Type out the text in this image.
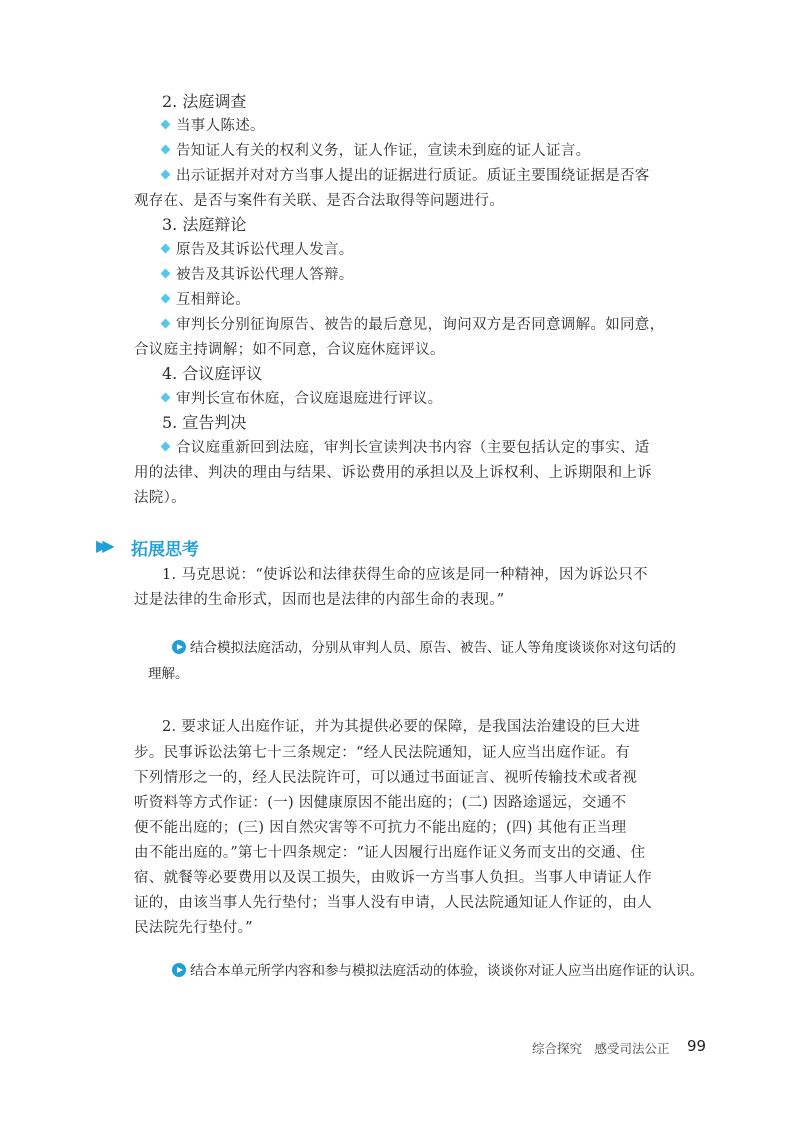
2. 法庭调查
当事人陈述。
告知证人有关的权利义务，证人作证，宣读未到庭的证人证言。
出示证据并对对方当事人提出的证据进行质证。质证主要围绕证据是否客
观存在、是否与案件有关联、是否合法取得等问题进行。
3. 法庭辩论
原告及其诉讼代理人发言。
被告及其诉讼代理人答辩。
互相辩论。
审判长分别征询原告、被告的最后意见，询问双方是否同意调解。如同意，
合议庭主持调解；如不同意，合议庭休庭评议。
4. 合议庭评议
审判长宣布休庭，合议庭退庭进行评议。
5. 宣告判决
合议庭重新回到法庭，审判长宣读判决书内容（主要包括认定的事实、适
用的法律、判决的理由与结果、诉讼费用的承担以及上诉权利、上诉期限和上诉
法院）。
▶▶ 拓展思考
1. 马克思说：“使诉讼和法律获得生命的应该是同一种精神，因为诉讼只不
过是法律的生命形式，因而也是法律的内部生命的表现。”
结合模拟法庭活动，分别从审判人员、原告、被告、证人等角度谈谈你对这句话的
理解。
2. 要求证人出庭作证，并为其提供必要的保障，是我国法治建设的巨大进
步。民事诉讼法第七十三条规定：“经人民法院通知，证人应当出庭作证。有
下列情形之一的，经人民法院许可，可以通过书面证言、视听传输技术或者视
听资料等方式作证：(一) 因健康原因不能出庭的；(二) 因路途遥远，交通不
便不能出庭的；(三) 因自然灾害等不可抗力不能出庭的；(四) 其他有正当理
由不能出庭的。”第七十四条规定：“证人因履行出庭作证义务而支出的交通、住
宿、就餐等必要费用以及误工损失，由败诉一方当事人负担。当事人申请证人作
证的，由该当事人先行垫付；当事人没有申请，人民法院通知证人作证的，由人
民法院先行垫付。”
结合本单元所学内容和参与模拟法庭活动的体验，谈谈你对证人应当出庭作证的认识。
综合探究　感受司法公正 99
